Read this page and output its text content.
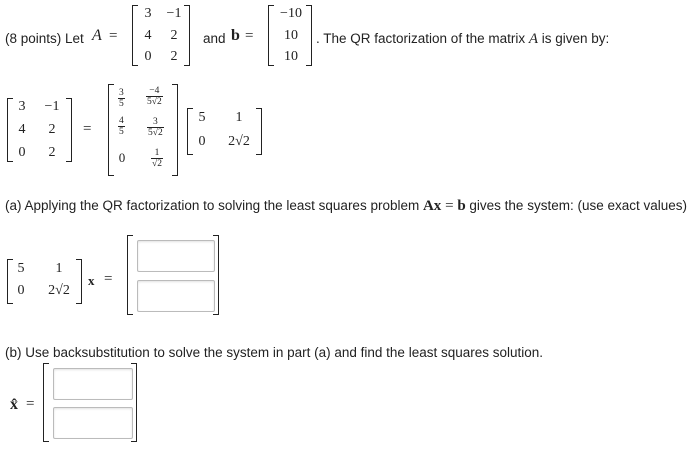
(8 points) Let A =
3	−1
4	2
0	2
and b =
−10
10
10
. The QR factorization of the matrix A is given by:
3	−1
4	2
0	2
=
$\frac{3}{5} \frac{-4}{5√2}$
$\frac{4}{5} \frac{3}{5√2}$
0	$\frac{1}{√2}$
5	1
0	2√2
(a) Applying the QR factorization to solving the least squares problem Ax = b gives the system: (use exact values)
5	1
0	2√2
x =
(b) Use backsubstitution to solve the system in part (a) and find the least squares solution.
x̂ =
